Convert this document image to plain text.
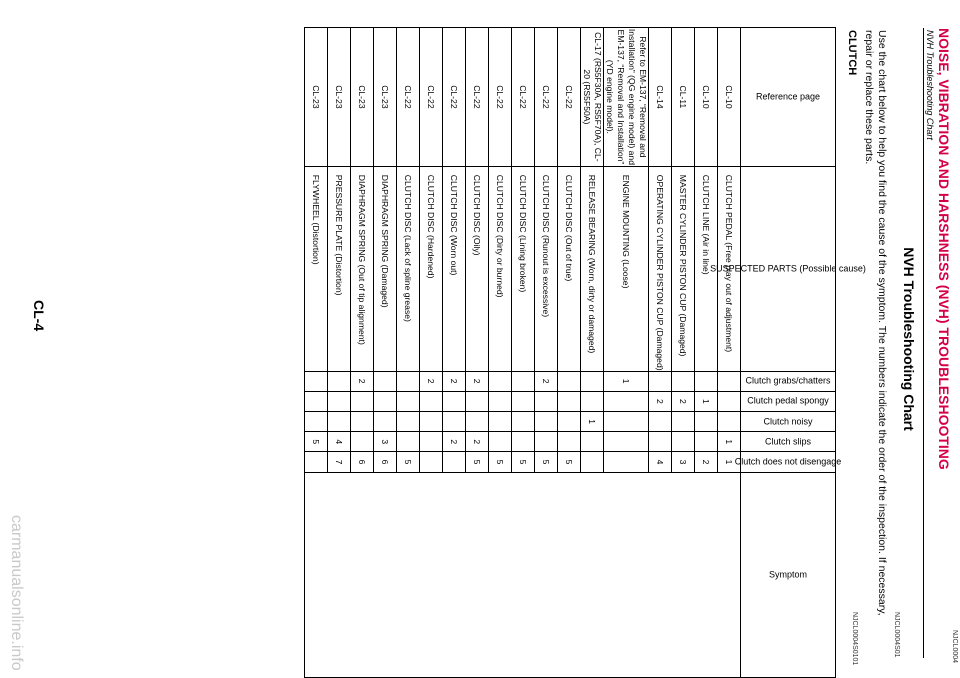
NJCL0004
NOISE, VIBRATION AND HARSHNESS (NVH) TROUBLESHOOTING
NVH Troubleshooting Chart
NVH Troubleshooting Chart
NJCL0004S01
Use the chart below to help you find the cause of the symptom. The numbers indicate the order of the inspection. If necessary, repair or replace these parts.
CLUTCH
NJCL0004S0101
Reference page	SUSPECTED PARTS (Possible cause)	Clutch grabs/chatters	Clutch pedal spongy	Clutch noisy	Clutch slips	Clutch does not disengage	Symptom

CL-10	CLUTCH PEDAL (Free play out of adjustment)				1	1	
CL-10	CLUTCH LINE (Air in line)		1			2	
CL-11	MASTER CYLINDER PISTON CUP (Damaged)		2			3	
CL-14	OPERATING CYLINDER PISTON CUP (Damaged)		2			4	
Refer to EM-137, “Removal and Installation” (QG engine model) and EM-137, “Removal and Installation” (YD engine model).	ENGINE MOUNTING (Loose)	1					
CL-17 (RS5F30A, RS5F70A), CL-20 (RS5F50A)	RELEASE BEARING (Worn, dirty or damaged)			1			
CL-22	CLUTCH DISC (Out of true)					5	
CL-22	CLUTCH DISC (Runout is excessive)	2				5	
CL-22	CLUTCH DISC (Lining broken)					5	
CL-22	CLUTCH DISC (Dirty or burned)					5	
CL-22	CLUTCH DISC (Oily)	2			2	5	
CL-22	CLUTCH DISC (Worn out)	2			2		
CL-22	CLUTCH DISC (Hardened)	2					
CL-22	CLUTCH DISC (Lack of spline grease)					5	
CL-23	DIAPHRAGM SPRING (Damaged)				3	6	
CL-23	DIAPHRAGM SPRING (Out of tip alignment)	2				6	
CL-23	PRESSURE PLATE (Distortion)				4	7	
CL-23	FLYWHEEL (Distortion)				5		
CL-4
carmanualsonline.info
